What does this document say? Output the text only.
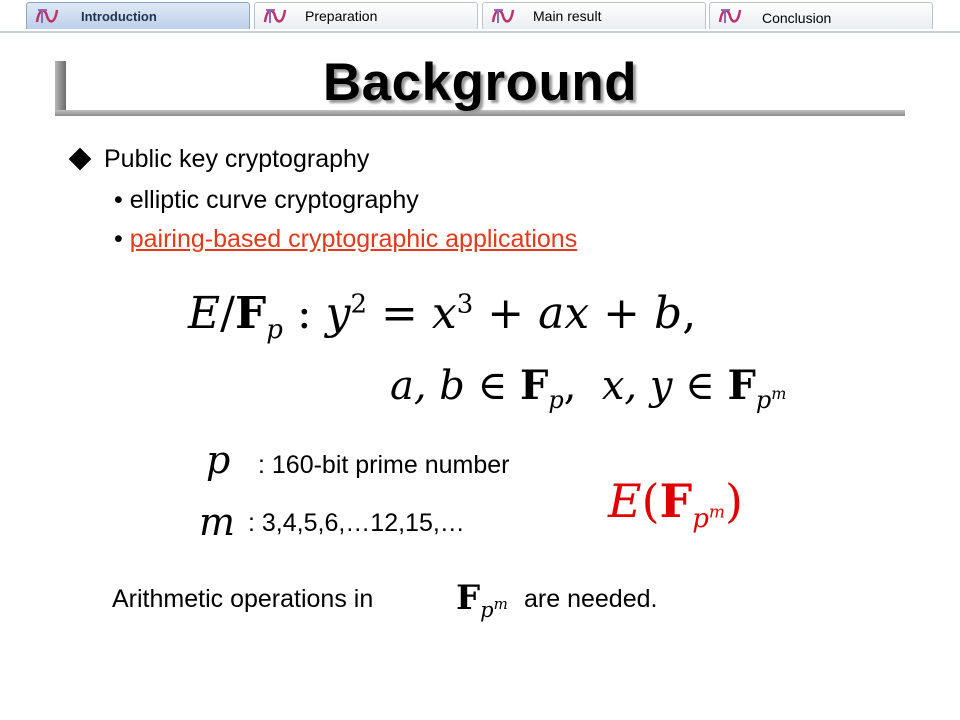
Introduction	Preparation	Main result	Conclusion
Background
Public key cryptography
• elliptic curve cryptography
• pairing-based cryptographic applications
$E/F_p$ : $y^2 = x^3$ + ax + b,
a, b ∈ $F_p$,  x, y ∈ $F_{p^m}$
p : 160-bit prime number
m : 3,4,5,6,…12,15,…	$E(F_{p^m})$
Arithmetic operations in $F_{p^m}$ are needed.
